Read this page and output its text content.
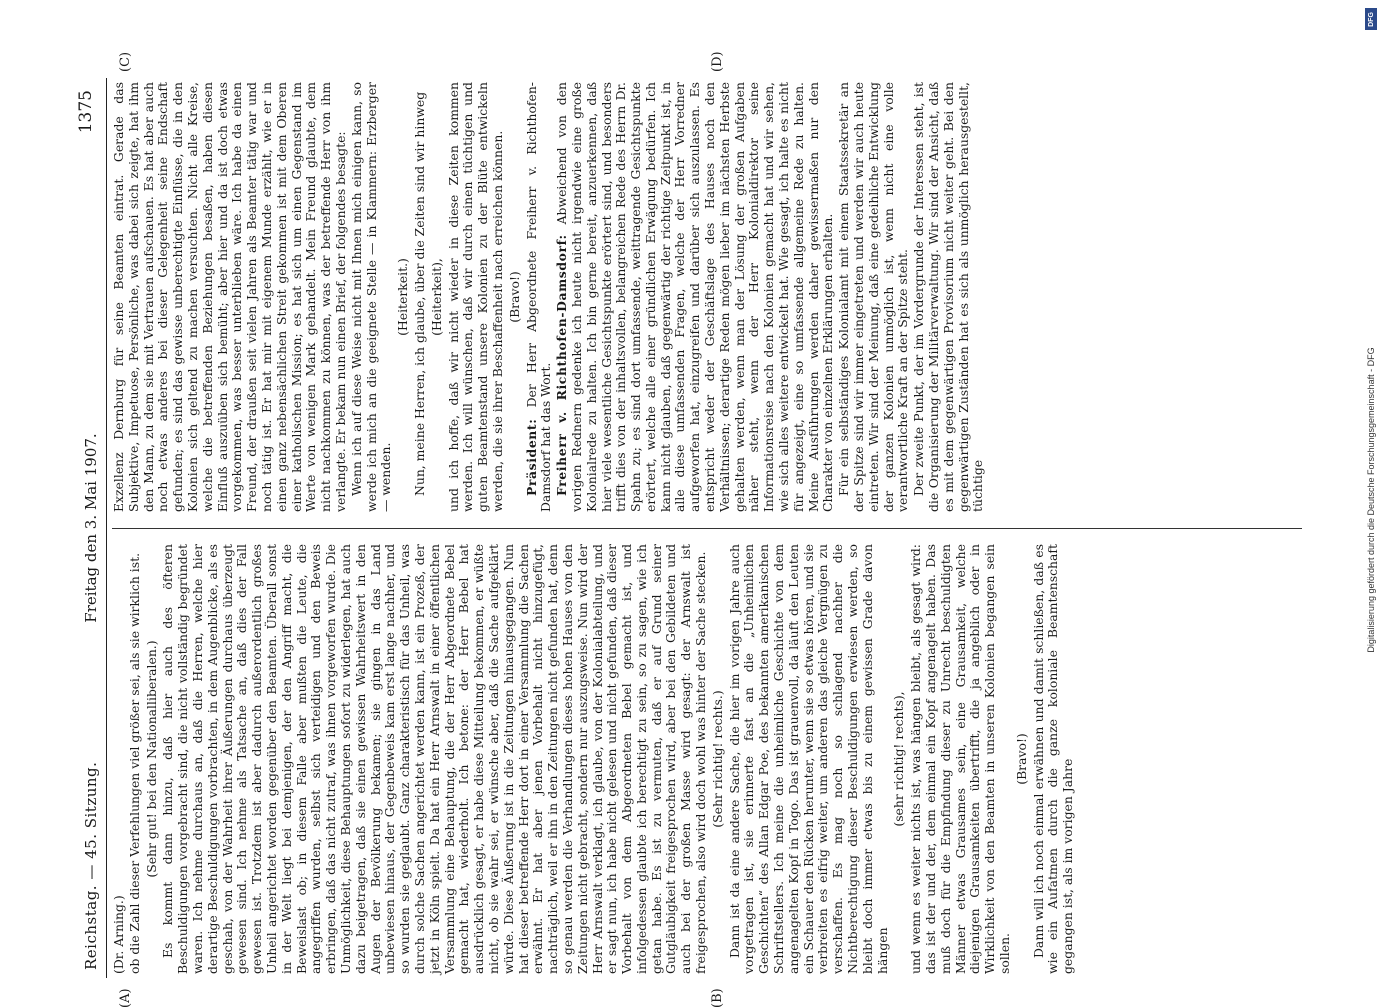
Reichstag. — 45. Sitzung.
Freitag den 3. Mai 1907.
1375
(A)	(B)
(C)	(D)

(Dr. Arning.) ob die Zahl dieser Verfehlungen viel größer sei, als sie wirklich ist. (Sehr gut! bei den Nationalliberalen.) Es kommt dann hinzu, daß hier auch des öfteren Beschuldigungen vorgebracht sind, die nicht vollständig begründet waren. Ich nehme durchaus an, daß die Herren, welche hier derartige Beschuldigungen vorbrachten, in dem Augenblicke, als es geschah, von der Wahrheit ihrer Äußerungen durchaus überzeugt gewesen sind. Ich nehme als Tatsache an, daß dies der Fall gewesen ist. Trotzdem ist aber dadurch außerordentlich großes Unheil angerichtet worden gegenüber den Beamten. Überall sonst in der Welt liegt bei demjenigen, der den Angriff macht, die Beweislast ob; in diesem Falle aber mußten die Leute, die angegriffen wurden, selbst sich verteidigen und den Beweis erbringen, daß das nicht zutraf, was ihnen vorgeworfen wurde. Die Unmöglichkeit, diese Behauptungen sofort zu widerlegen, hat auch dazu beigetragen, daß sie einen gewissen Wahrheitswert in den Augen der Bevölkerung bekamen; sie gingen in das Land unbewiesen hinaus, der Gegenbeweis kam erst lange nachher, und so wurden sie geglaubt. Ganz charakteristisch für das Unheil, was durch solche Sachen angerichtet werden kann, ist ein Prozeß, der jetzt in Köln spielt. Da hat ein Herr Arnswalt in einer öffentlichen Versammlung eine Behauptung, die der Herr Abgeordnete Bebel gemacht hat, wiederholt. Ich betone: der Herr Bebel hat ausdrücklich gesagt, er habe diese Mitteilung bekommen, er wüßte nicht, ob sie wahr sei, er wünsche aber, daß die Sache aufgeklärt würde. Diese Äußerung ist in die Zeitungen hinausgegangen. Nun hat dieser betreffende Herr dort in einer Versammlung die Sachen erwähnt. Er hat aber jenen Vorbehalt nicht hinzugefügt, nachträglich, weil er ihn in den Zeitungen nicht gefunden hat, denn so genau werden die Verhandlungen dieses hohen Hauses von den Zeitungen nicht gebracht, sondern nur auszugsweise. Nun wird der Herr Arnswalt verklagt, ich glaube, von der Kolonialabteilung, und er sagt nun, ich habe nicht gelesen und nicht gefunden, daß dieser Vorbehalt von dem Abgeordneten Bebel gemacht ist, und infolgedessen glaubte ich berechtigt zu sein, so zu sagen, wie ich getan habe. Es ist zu vermuten, daß er auf Grund seiner Gutgläubigkeit freigesprochen wird, aber bei den Gebildeten und auch bei der großen Masse wird gesagt: der Arnswalt ist freigesprochen, also wird doch wohl was hinter der Sache stecken. (Sehr richtig! rechts.) Dann ist da eine andere Sache, die hier im vorigen Jahre auch vorgetragen ist, sie erinnerte fast an die „Unheimlichen Geschichten“ des Allan Edgar Poe, des bekannten amerikanischen Schriftstellers. Ich meine die unheimliche Geschichte von dem angenagelten Kopf in Togo. Das ist grauenvoll, da läuft den Leuten ein Schauer den Rücken herunter, wenn sie so etwas hören, und sie verbreiten es eifrig weiter, um anderen das gleiche Vergnügen zu verschaffen. Es mag noch so schlagend nachher die Nichtberechtigung dieser Beschuldigungen erwiesen werden, so bleibt doch immer etwas bis zu einem gewissen Grade davon hängen

(sehr richtig! rechts), und wenn es weiter nichts ist, was hängen bleibt, als gesagt wird: das ist der und der, dem einmal ein Kopf angenagelt haben. Das muß doch für die Empfindung dieser zu Unrecht beschuldigten Männer etwas Grausames sein, eine Grausamkeit, welche diejenigen Grausamkeiten übertrifft, die ja angeblich oder in Wirklichkeit von den Beamten in unseren Kolonien begangen sein sollen.

(Bravo!) Dann will ich noch einmal erwähnen und damit schließen, daß es wie ein Aufatmen durch die ganze koloniale Beamtenschaft gegangen ist, als im vorigen Jahre

Exzellenz Dernburg für seine Beamten eintrat. Gerade das Subjektive, Impetuose, Persönliche, was dabei sich zeigte, hat ihm den Mann, zu dem sie mit Vertrauen aufschauen. Es hat aber auch noch etwas anderes bei dieser Gelegenheit seine Endschaft gefunden; es sind das gewisse unberechtigte Einflüsse, die in den Kolonien sich geltend zu machen versuchten. Nicht alle Kreise, welche die betreffenden Beziehungen besaßen, haben diesen Einfluß auszuüben sich bemüht; aber hier und da ist doch etwas vorgekommen, was besser unterblieben wäre. Ich habe da einen Freund, der draußen seit vielen Jahren als Beamter tätig war und noch tätig ist. Er hat mir mit eigenem Munde erzählt, wie er in einen ganz nebensächlichen Streit gekommen ist mit dem Oberen einer katholischen Mission; es hat sich um einen Gegenstand im Werte von wenigen Mark gehandelt. Mein Freund glaubte, dem nicht nachkommen zu können, was der betreffende Herr von ihm verlangte. Er bekam nun einen Brief, der folgendes besagte: Wenn ich auf diese Weise nicht mit Ihnen mich einigen kann, so werde ich mich an die geeignete Stelle — in Klammern: Erzberger — wenden.

(Heiterkeit.) Nun, meine Herren, ich glaube, über die Zeiten sind wir hinweg (Heiterkeit), und ich hoffe, daß wir nicht wieder in diese Zeiten kommen werden. Ich will wünschen, daß wir durch einen tüchtigen und guten Beamtenstand unsere Kolonien zu der Blüte entwickeln werden, die sie ihrer Beschaffenheit nach erreichen können. (Bravo!)

Präsident: Der Herr Abgeordnete Freiherr v. Richthofen-Damsdorf hat das Wort. Freiherr v. Richthofen-Damsdorf: Abweichend von den vorigen Rednern gedenke ich heute nicht irgendwie eine große Kolonialrede zu halten. Ich bin gerne bereit, anzuerkennen, daß hier viele wesentliche Gesichtspunkte erörtert sind, und besonders trifft dies von der inhaltsvollen, belangreichen Rede des Herrn Dr. Spahn zu; es sind dort umfassende, weittragende Gesichtspunkte erörtert, welche alle einer gründlichen Erwägung bedürfen. Ich kann nicht glauben, daß gegenwärtig der richtige Zeitpunkt ist, in alle diese umfassenden Fragen, welche der Herr Vorredner aufgeworfen hat, einzugreifen und darüber sich auszulassen. Es entspricht weder der Geschäftslage des Hauses noch den Verhältnissen; derartige Reden mögen lieber im nächsten Herbste gehalten werden, wenn man der Lösung der großen Aufgaben näher steht, wenn der Herr Kolonialdirektor seine Informationsreise nach den Kolonien gemacht hat und wir sehen, wie sich alles weitere entwickelt hat. Wie gesagt, ich halte es nicht für angezeigt, eine so umfassende allgemeine Rede zu halten. Meine Ausführungen werden daher gewissermaßen nur den Charakter von einzelnen Erklärungen erhalten. Für ein selbständiges Kolonialamt mit einem Staatssekretär an der Spitze sind wir immer eingetreten und werden wir auch heute eintreten. Wir sind der Meinung, daß eine gedeihliche Entwicklung der ganzen Kolonien unmöglich ist, wenn nicht eine volle verantwortliche Kraft an der Spitze steht. Der zweite Punkt, der im Vordergrunde der Interessen steht, ist die Organisierung der Militärverwaltung. Wir sind der Ansicht, daß es mit dem gegenwärtigen Provisorium nicht weiter geht. Bei den gegenwärtigen Zuständen hat es sich als unmöglich herausgestellt, tüchtige

DFG
Digitalisierung gefördert durch die Deutsche Forschungsgemeinschaft - DFG
